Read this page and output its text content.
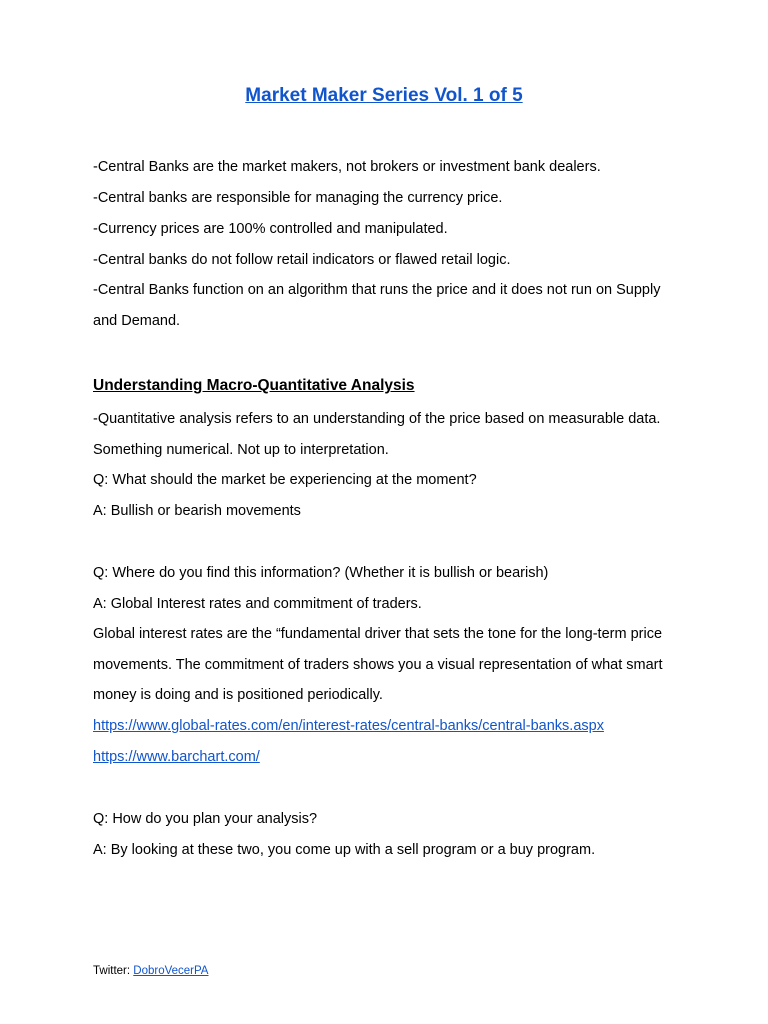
Market Maker Series Vol. 1 of 5

-Central Banks are the market makers, not brokers or investment bank dealers.

-Central banks are responsible for managing the currency price.

-Currency prices are 100% controlled and manipulated.

-Central banks do not follow retail indicators or flawed retail logic.

-Central Banks function on an algorithm that runs the price and it does not run on Supply

and Demand.

Understanding Macro-Quantitative Analysis

-Quantitative analysis refers to an understanding of the price based on measurable data.

Something numerical. Not up to interpretation.

Q: What should the market be experiencing at the moment?

A: Bullish or bearish movements

Q: Where do you find this information? (Whether it is bullish or bearish)

A: Global Interest rates and commitment of traders.

Global interest rates are the “fundamental driver that sets the tone for the long-term price

movements. The commitment of traders shows you a visual representation of what smart

money is doing and is positioned periodically.

https://www.global-rates.com/en/interest-rates/central-banks/central-banks.aspx
https://www.barchart.com/

Q: How do you plan your analysis?

A: By looking at these two, you come up with a sell program or a buy program.

Twitter: DobroVecerPA
